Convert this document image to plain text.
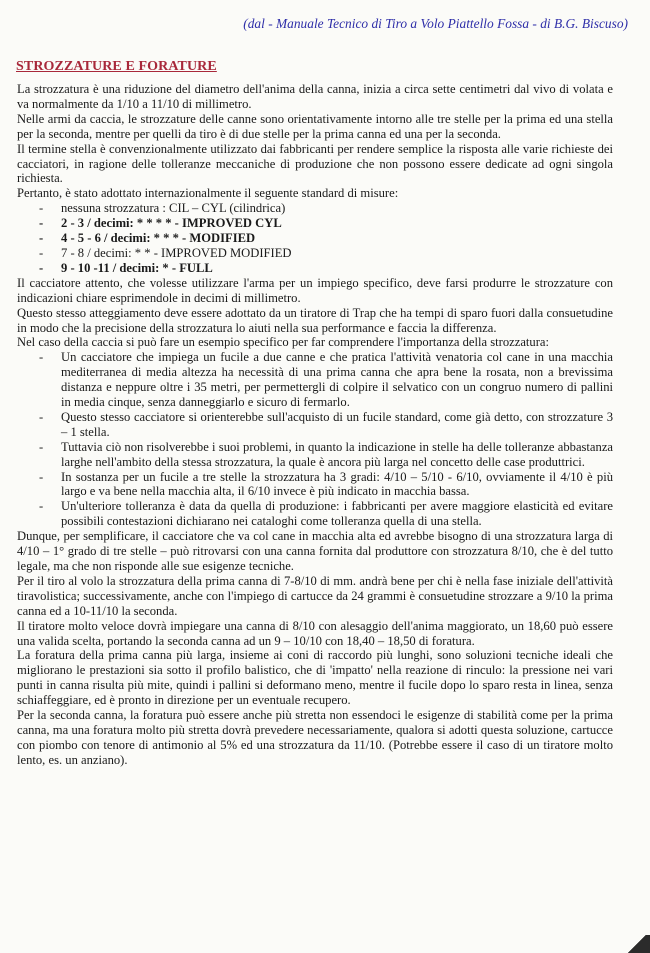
(dal - Manuale Tecnico di Tiro a Volo Piattello Fossa - di B.G. Biscuso)
STROZZATURE E FORATURE

La strozzatura è una riduzione del diametro dell'anima della canna, inizia a circa sette centimetri dal vivo di volata e va normalmente da 1/10 a 11/10 di millimetro.

Nelle armi da caccia, le strozzature delle canne sono orientativamente intorno alle tre stelle per la prima ed una stella per la seconda, mentre per quelli da tiro è di due stelle per la prima canna ed una per la seconda.

Il termine stella è convenzionalmente utilizzato dai fabbricanti per rendere semplice la risposta alle varie richieste dei cacciatori, in ragione delle tolleranze meccaniche di produzione che non possono essere dedicate ad ogni singola richiesta.

Pertanto, è stato adottato internazionalmente il seguente standard di misure:

- nessuna strozzatura : CIL – CYL (cilindrica)
- 2 - 3 / decimi: * * * * - IMPROVED CYL
- 4 - 5 - 6 / decimi: * * * - MODIFIED
- 7 - 8 / decimi: * * - IMPROVED MODIFIED
- 9 - 10 -11 / decimi: * - FULL

Il cacciatore attento, che volesse utilizzare l'arma per un impiego specifico, deve farsi produrre le strozzature con indicazioni chiare esprimendole in decimi di millimetro.

Questo stesso atteggiamento deve essere adottato da un tiratore di Trap che ha tempi di sparo fuori dalla consuetudine in modo che la precisione della strozzatura lo aiuti nella sua performance e faccia la differenza.

Nel caso della caccia si può fare un esempio specifico per far comprendere l'importanza della strozzatura:

- Un cacciatore che impiega un fucile a due canne e che pratica l'attività venatoria col cane in una macchia mediterranea di media altezza ha necessità di una prima canna che apra bene la rosata, non a brevissima distanza e neppure oltre i 35 metri, per permettergli di colpire il selvatico con un congruo numero di pallini in media cinque, senza danneggiarlo e sicuro di fermarlo.
- Questo stesso cacciatore si orienterebbe sull'acquisto di un fucile standard, come già detto, con strozzature 3 – 1 stella.
- Tuttavia ciò non risolverebbe i suoi problemi, in quanto la indicazione in stelle ha delle tolleranze abbastanza larghe nell'ambito della stessa strozzatura, la quale è ancora più larga nel concetto delle case produttrici.
- In sostanza per un fucile a tre stelle la strozzatura ha 3 gradi: 4/10 – 5/10 - 6/10, ovviamente il 4/10 è più largo e va bene nella macchia alta, il 6/10 invece è più indicato in macchia bassa.
- Un'ulteriore tolleranza è data da quella di produzione: i fabbricanti per avere maggiore elasticità ed evitare possibili contestazioni dichiarano nei cataloghi come tolleranza quella di una stella.

Dunque, per semplificare, il cacciatore che va col cane in macchia alta ed avrebbe bisogno di una strozzatura larga di 4/10 – 1° grado di tre stelle – può ritrovarsi con una canna fornita dal produttore con strozzatura 8/10, che è del tutto legale, ma che non risponde alle sue esigenze tecniche.

Per il tiro al volo la strozzatura della prima canna di 7-8/10 di mm. andrà bene per chi è nella fase iniziale dell'attività tiravolistica; successivamente, anche con l'impiego di cartucce da 24 grammi è consuetudine strozzare a 9/10 la prima canna ed a 10-11/10 la seconda.

Il tiratore molto veloce dovrà impiegare una canna di 8/10 con alesaggio dell'anima maggiorato, un 18,60 può essere una valida scelta, portando la seconda canna ad un 9 – 10/10 con 18,40 – 18,50 di foratura.

La foratura della prima canna più larga, insieme ai coni di raccordo più lunghi, sono soluzioni tecniche ideali che migliorano le prestazioni sia sotto il profilo balistico, che di 'impatto' nella reazione di rinculo: la pressione nei vari punti in canna risulta più mite, quindi i pallini si deformano meno, mentre il fucile dopo lo sparo resta in linea, senza schiaffeggiare, ed è pronto in direzione per un eventuale recupero.

Per la seconda canna, la foratura può essere anche più stretta non essendoci le esigenze di stabilità come per la prima canna, ma una foratura molto più stretta dovrà prevedere necessariamente, qualora si adotti questa soluzione, cartucce con piombo con tenore di antimonio al 5% ed una strozzatura da 11/10. (Potrebbe essere il caso di un tiratore molto lento, es. un anziano).
